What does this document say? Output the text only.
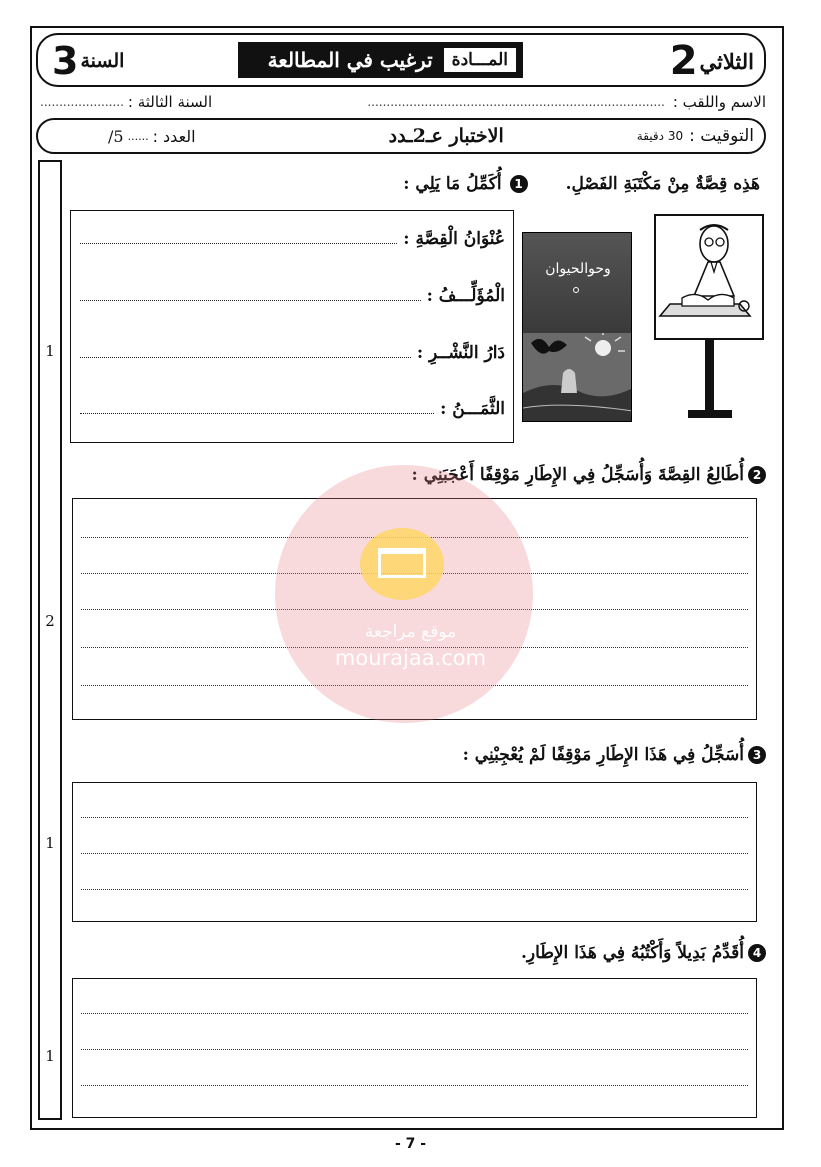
الثلاثي
2
المـــادة
ترغيب في المطالعة
السنة
3
الاسم واللقب :
..............................................................................
السنة الثالثة :
......................
التوقيت :
30 دقيقة
الاختبار عـ2ـدد
العدد :
......
5/
1
2
1
1
هَذِه قِصَّةٌ مِنْ مَكْتَبَةِ الفَصْلِ.
1
أُكَمِّلُ مَا يَلِي :
عُنْوَانُ الْقِصَّةِ :
الْمُؤَلِّـــفُ :
دَارُ النَّشْــرِ :
الثَّمَـــنُ :
وحوالحيوان
2
أُطَالِعُ القِصَّةَ وَأُسَجِّلُ فِي الإِطَارِ مَوْقِفًا أَعْجَبَنِي :
3
أُسَجِّلُ فِي هَذَا الإِطَارِ مَوْقِفًا لَمْ يُعْجِبْنِي :
4
أُقَدِّمُ بَدِيلاً وَأَكْتُبُهُ فِي هَذَا الإِطَارِ.
موقع مراجعة
mourajaa.com
- 7 -
